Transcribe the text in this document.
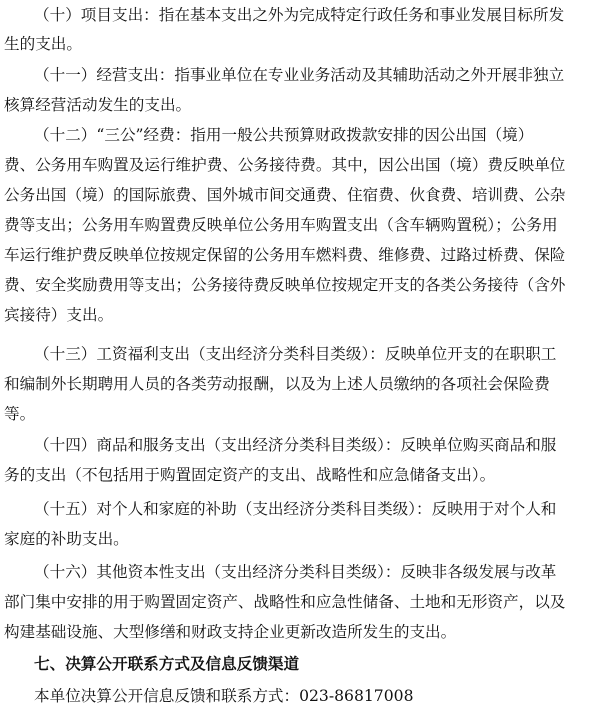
（十）项目支出：指在基本支出之外为完成特定行政任务和事业发展目标所发
生的支出。
（十一）经营支出：指事业单位在专业业务活动及其辅助活动之外开展非独立
核算经营活动发生的支出。
（十二）“三公”经费：指用一般公共预算财政拨款安排的因公出国（境）
费、公务用车购置及运行维护费、公务接待费。其中，因公出国（境）费反映单位
公务出国（境）的国际旅费、国外城市间交通费、住宿费、伙食费、培训费、公杂
费等支出；公务用车购置费反映单位公务用车购置支出（含车辆购置税）；公务用
车运行维护费反映单位按规定保留的公务用车燃料费、维修费、过路过桥费、保险
费、安全奖励费用等支出；公务接待费反映单位按规定开支的各类公务接待（含外
宾接待）支出。
（十三）工资福利支出（支出经济分类科目类级）：反映单位开支的在职职工
和编制外长期聘用人员的各类劳动报酬，以及为上述人员缴纳的各项社会保险费
等。
（十四）商品和服务支出（支出经济分类科目类级）：反映单位购买商品和服
务的支出（不包括用于购置固定资产的支出、战略性和应急储备支出）。
（十五）对个人和家庭的补助（支出经济分类科目类级）：反映用于对个人和
家庭的补助支出。
（十六）其他资本性支出（支出经济分类科目类级）：反映非各级发展与改革
部门集中安排的用于购置固定资产、战略性和应急性储备、土地和无形资产，以及
构建基础设施、大型修缮和财政支持企业更新改造所发生的支出。
七、决算公开联系方式及信息反馈渠道
本单位决算公开信息反馈和联系方式：023-86817008
